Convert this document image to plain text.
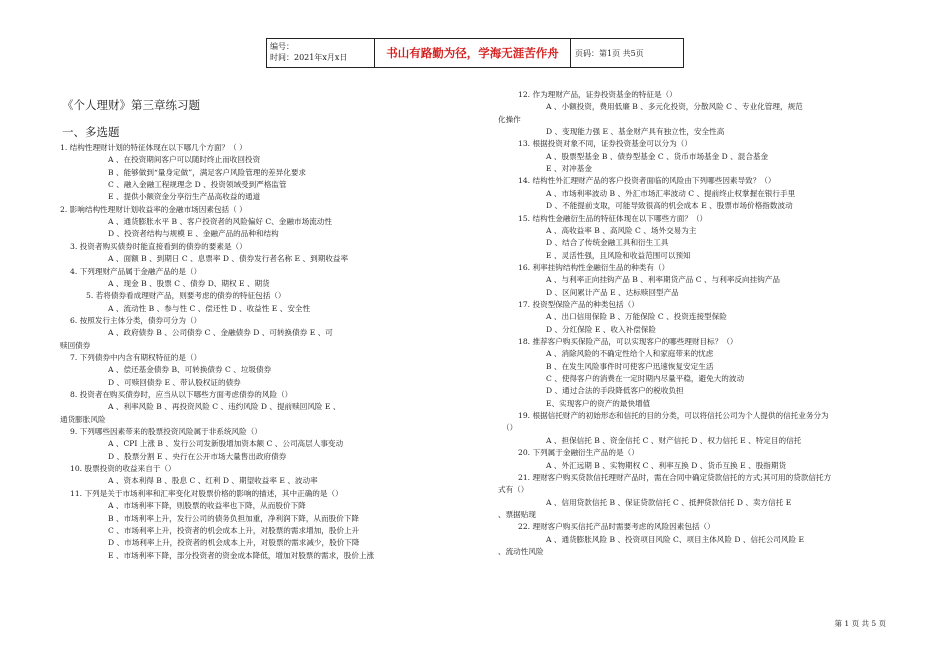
编号：
时间：2021年x月x日	书山有路勤为径，学海无涯苦作舟	页码：第1页 共5页
《个人理财》第三章练习题
一、多选题
1. 结构性理财计划的特征体现在以下哪几个方面？（ ）
A 、在投资期间客户可以随时终止而收回投资
B 、能够做到“量身定做”，满足客户风险管理的差异化要求
C 、融入金融工程规理念 D 、投资领域受到严格监管
E 、提供小额资金分享衍生产品高收益的通道
2. 影响结构性理财计划收益率的金融市场因素包括（ ）
A 、通货膨胀水平 B 、客户投资者的风险偏好 C、金融市场流动性
D 、投资者结构与规模 E 、金融产品的品种和结构
3. 投资者购买债券时能直接看到的债券的要素是（）
A 、面额 B 、到期日 C 、息票率 D 、债券发行者名称 E 、到期收益率
4. 下列理财产品属于金融产品的是（）
A 、现金 B 、股票 C 、债券 D、期权 E 、期货
5. 若将债券看成理财产品，则要考虑的债券的特征包括（）
A 、流动性 B 、参与性 C 、偿还性 D 、收益性 E 、安全性
6. 按照发行主体分类，债券可分为（）
A 、政府债券 B 、公司债券 C 、金融债券 D 、可转换债券 E 、可
赎回债券
7. 下列债券中内含有期权特征的是（）
A 、偿还基金债券 B、可转换债券 C 、垃圾债券
D 、可赎回债券 E 、带认股权证的债券
8. 投资者在购买债券时，应当从以下哪些方面考虑债券的风险（）
A 、利率风险 B 、再投资风险 C 、违约风险 D 、提前赎回风险 E 、
通货膨胀风险
9. 下列哪些因素带来的股票投资风险属于非系统风险（）
A 、CPI 上涨 B 、发行公司发新股增加资本额 C 、公司高层人事变动
D 、股票分割 E 、央行在公开市场大量售出政府债券
10. 股票投资的收益来自于（）
A 、资本利得 B 、股息 C 、红利 D 、期望收益率 E 、波动率
11. 下列是关于市场利率和汇率变化对股票价格的影响的描述，其中正确的是（）
A 、市场利率下降，则股票的收益率也下降，从而股价下降
B 、市场利率上升，发行公司的债务负担加重，净利润下降，从而股价下降
C 、市场利率上升，投资者的机会成本上升，对股票的需求增加，股价上升
D 、市场利率上升，投资者的机会成本上升，对股票的需求减少，股价下降
E 、市场利率下降，部分投资者的资金成本降低，增加对股票的需求，股价上涨
12. 作为理财产品，证券投资基金的特征是（）
A 、小额投资，费用低廉 B 、多元化投资，分散风险 C 、专业化管理，规范
化操作
D 、变现能力强 E 、基金财产具有独立性，安全性高
13. 根据投资对象不同，证券投资基金可以分为（）
A 、股票型基金 B 、债券型基金 C 、货币市场基金 D 、混合基金
E 、对冲基金
14. 结构性外汇理财产品的客户投资者面临的风险由下列哪些因素导致？（）
A 、市场利率波动 B 、外汇市场汇率波动 C 、提前终止权掌握在银行手里
D 、不能提前支取，可能导致很高的机会成本 E 、股票市场价格指数波动
15. 结构性金融衍生品的特征体现在以下哪些方面？（）
A 、高收益率 B 、高风险 C 、场外交易为主
D 、结合了传统金融工具和衍生工具
E 、灵活性强，且风险和收益范围可以预知
16. 利率挂钩结构性金融衍生品的种类有（）
A 、与利率正向挂钩产品 B 、利率期货产品 C 、与利率反向挂钩产品
D 、区间累计产品 E 、达标赎回型产品
17. 投资型保险产品的种类包括（）
A 、出口信用保险 B 、万能保险 C 、投资连接型保险
D 、分红保险 E 、收入补偿保险
18. 推荐客户购买保险产品，可以实现客户的哪些理财目标？（）
A 、消除风险的不确定性给个人和家庭带来的忧虑
B 、在发生风险事件时可使客户迅速恢复安定生活
C 、使得客户的消费在一定时期内尽量平稳，避免大的波动
D 、通过合法的手段降低客户的税收负担
E、实现客户的资产的最快增值
19. 根据信托财产的初始形态和信托的目的分类，可以将信托公司为个人提供的信托业务分为
（）
A 、担保信托 B 、资金信托 C 、财产信托 D 、权力信托 E 、特定目的信托
20. 下列属于金融衍生产品的是（）
A 、外汇远期 B 、实物期权 C 、利率互换 D 、货币互换 E 、股指期货
21. 理财客户购买贷款信托理财产品时，需在合同中确定贷款信托的方式;其可用的贷款信托方
式有（）
A 、信用贷款信托 B 、保证贷款信托 C 、抵押贷款信托 D 、卖方信托 E
、票据贴现
22. 理财客户购买信托产品时需要考虑的风险因素包括（）
A 、通货膨胀风险 B 、投资项目风险 C、项目主体风险 D 、信托公司风险 E
、流动性风险
第 1 页 共 5 页
